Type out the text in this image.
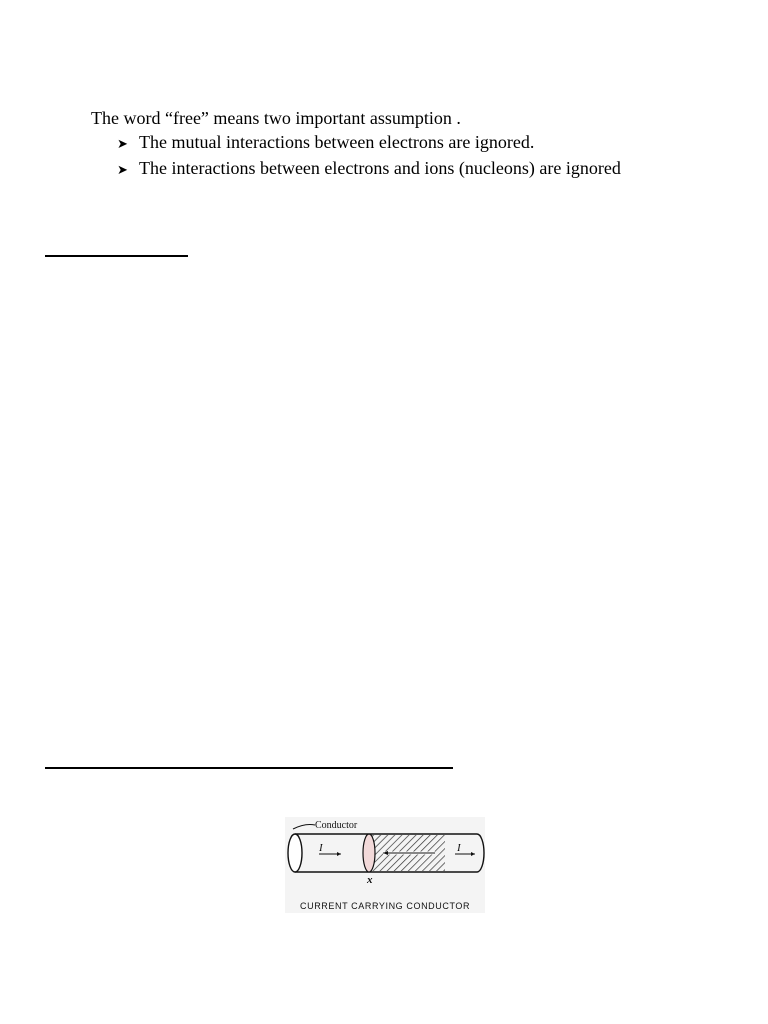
The word “free” means two important assumption .
➤ The mutual interactions between electrons are ignored.
➤ The interactions between electrons and ions (nucleons) are ignored
Conductor
I	I
x
CURRENT CARRYING CONDUCTOR
